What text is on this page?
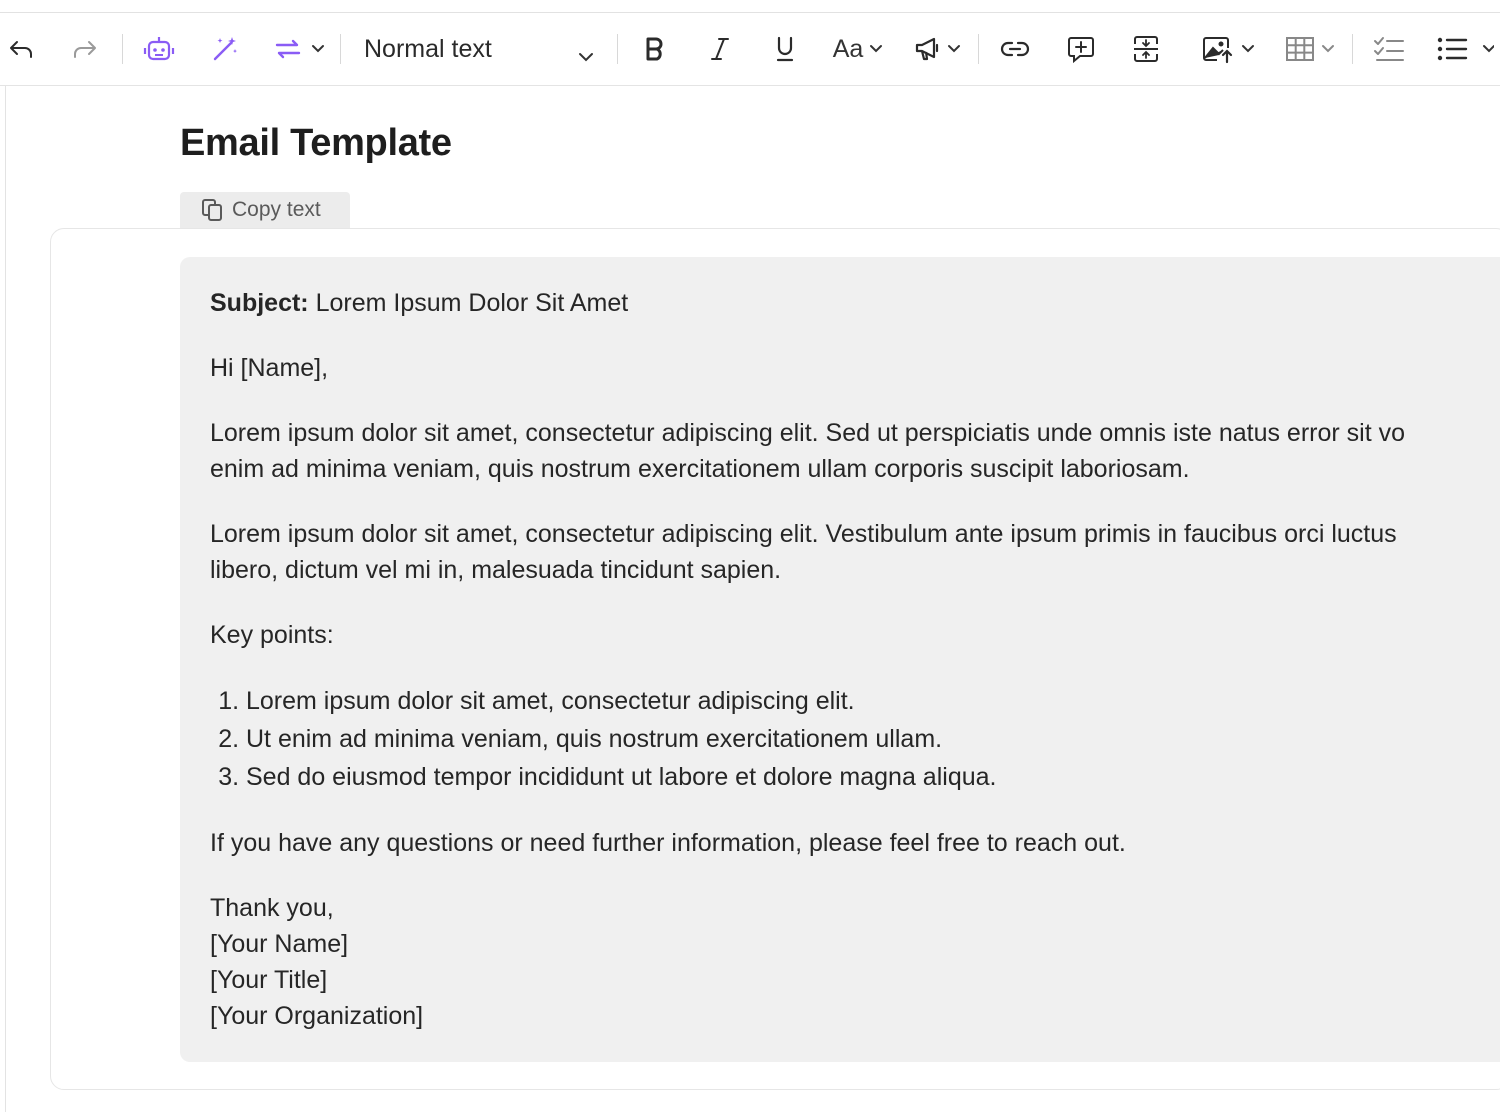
Normal text	Aa
Email Template
Copy text

Subject: Lorem Ipsum Dolor Sit Amet

Hi [Name],

Lorem ipsum dolor sit amet, consectetur adipiscing elit. Sed ut perspiciatis unde omnis iste natus error sit vo
enim ad minima veniam, quis nostrum exercitationem ullam corporis suscipit laboriosam.

Lorem ipsum dolor sit amet, consectetur adipiscing elit. Vestibulum ante ipsum primis in faucibus orci luctus
libero, dictum vel mi in, malesuada tincidunt sapien.

Key points:

1. Lorem ipsum dolor sit amet, consectetur adipiscing elit.
2. Ut enim ad minima veniam, quis nostrum exercitationem ullam.
3. Sed do eiusmod tempor incididunt ut labore et dolore magna aliqua.

If you have any questions or need further information, please feel free to reach out.

Thank you,
[Your Name]
[Your Title]
[Your Organization]
